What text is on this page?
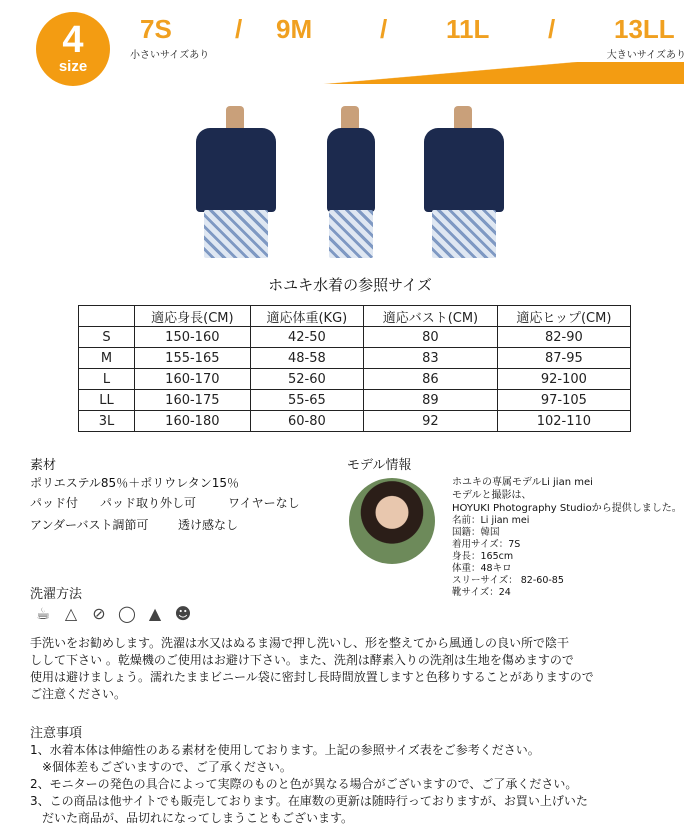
4
size
7S / 9M	/ 11L / 13LL
小さいサイズあり	大きいサイズあり
ホユキ水着の参照サイズ
	適応身長(CM)	適応体重(KG)	適応バスト(CM)	適応ヒップ(CM)
S	150-160	42-50	80	82-90
M	155-165	48-58	83	87-95
L	160-170	52-60	86	92-100
LL	160-175	55-65	89	97-105
3L	160-180	60-80	92	102-110
素材
ポリエステル85％＋ポリウレタン15％
パッド付 パッド取り外し可	ワイヤーなし
アンダーバスト調節可 透け感なし
モデル情報
ホユキの専属モデルLi jian mei
モデルと撮影は、
HOYUKI Photography Studioから提供しました。
名前：Li jian mei
国籍：韓国
着用サイズ：7S
身長：165cm
体重：48キロ
スリーサイズ： 82-60-85
靴サイズ：24
洗濯方法
☕ △ ⊘ ◯ ▲ ☻
手洗いをお勧めします。洗濯は水又はぬるま湯で押し洗いし、形を整えてから風通しの良い所で陰干
しして下さい 。乾燥機のご使用はお避け下さい。また、洗剤は酵素入りの洗剤は生地を傷めますので
使用は避けましょう。濡れたままビニール袋に密封し長時間放置しますと色移りすることがありますので
ご注意ください。
注意事項
1、水着本体は伸縮性のある素材を使用しております。上記の参照サイズ表をご参考ください。
　※個体差もございますので、ご了承ください。
2、モニターの発色の具合によって実際のものと色が異なる場合がございますので、ご了承ください。
3、この商品は他サイトでも販売しております。在庫数の更新は随時行っておりますが、お買い上げいた
　だいた商品が、品切れになってしまうこともございます。
